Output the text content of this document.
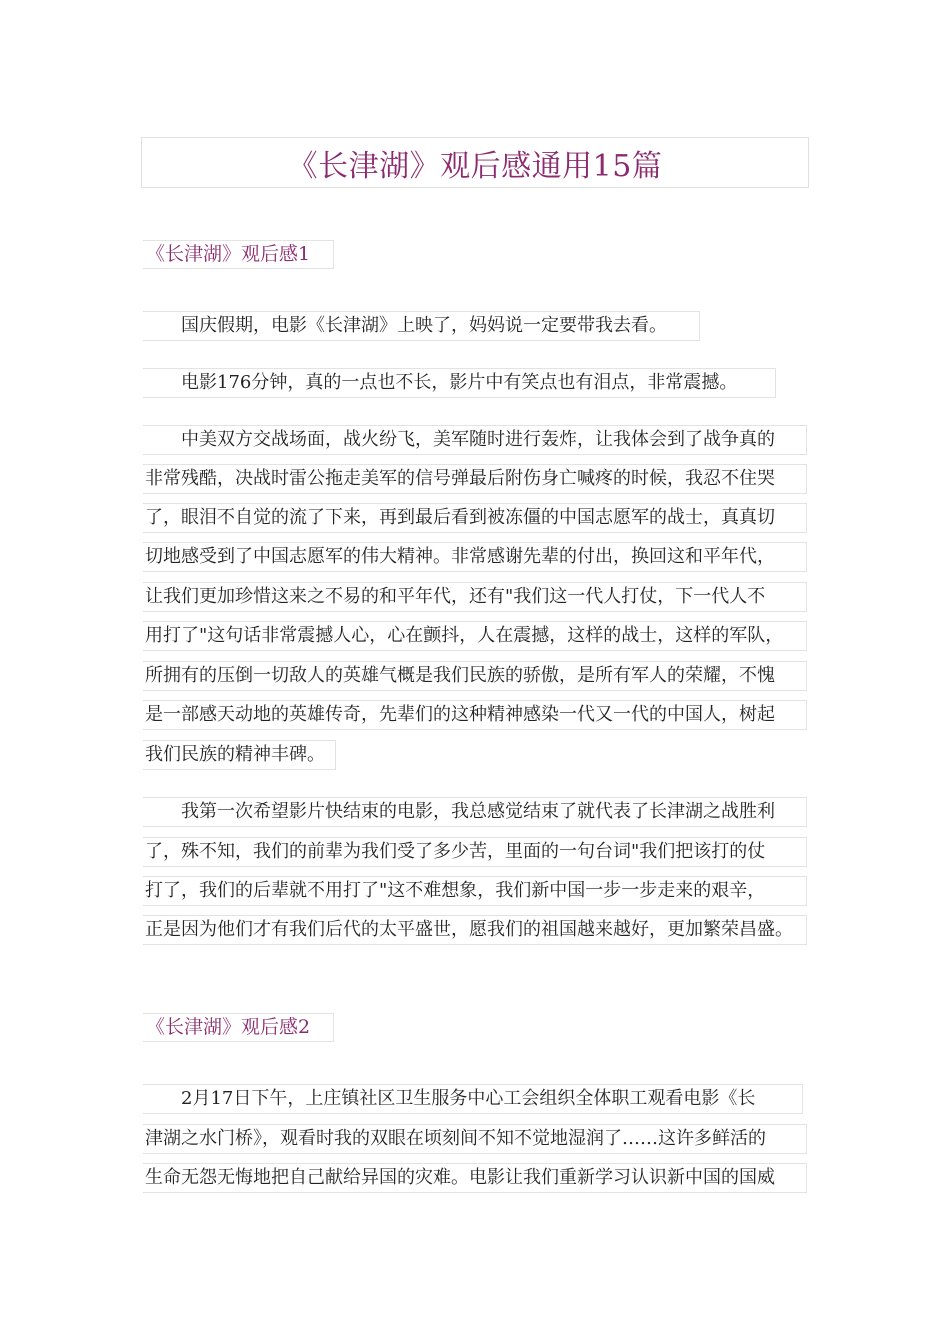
《长津湖》观后感通用15篇
《长津湖》观后感1
国庆假期，电影《长津湖》上映了，妈妈说一定要带我去看。
电影176分钟，真的一点也不长，影片中有笑点也有泪点，非常震撼。
中美双方交战场面，战火纷飞，美军随时进行轰炸，让我体会到了战争真的
非常残酷，决战时雷公拖走美军的信号弹最后附伤身亡喊疼的时候，我忍不住哭
了，眼泪不自觉的流了下来，再到最后看到被冻僵的中国志愿军的战士，真真切
切地感受到了中国志愿军的伟大精神。非常感谢先辈的付出，换回这和平年代，
让我们更加珍惜这来之不易的和平年代，还有"我们这一代人打仗，下一代人不
用打了"这句话非常震撼人心，心在颤抖，人在震撼，这样的战士，这样的军队，
所拥有的压倒一切敌人的英雄气概是我们民族的骄傲，是所有军人的荣耀，不愧
是一部感天动地的英雄传奇，先辈们的这种精神感染一代又一代的中国人，树起
我们民族的精神丰碑。
我第一次希望影片快结束的电影，我总感觉结束了就代表了长津湖之战胜利
了，殊不知，我们的前辈为我们受了多少苦，里面的一句台词"我们把该打的仗
打了，我们的后辈就不用打了"这不难想象，我们新中国一步一步走来的艰辛，
正是因为他们才有我们后代的太平盛世，愿我们的祖国越来越好，更加繁荣昌盛。
《长津湖》观后感2
2月17日下午，上庄镇社区卫生服务中心工会组织全体职工观看电影《长
津湖之水门桥》，观看时我的双眼在顷刻间不知不觉地湿润了……这许多鲜活的
生命无怨无悔地把自己献给异国的灾难。电影让我们重新学习认识新中国的国威
